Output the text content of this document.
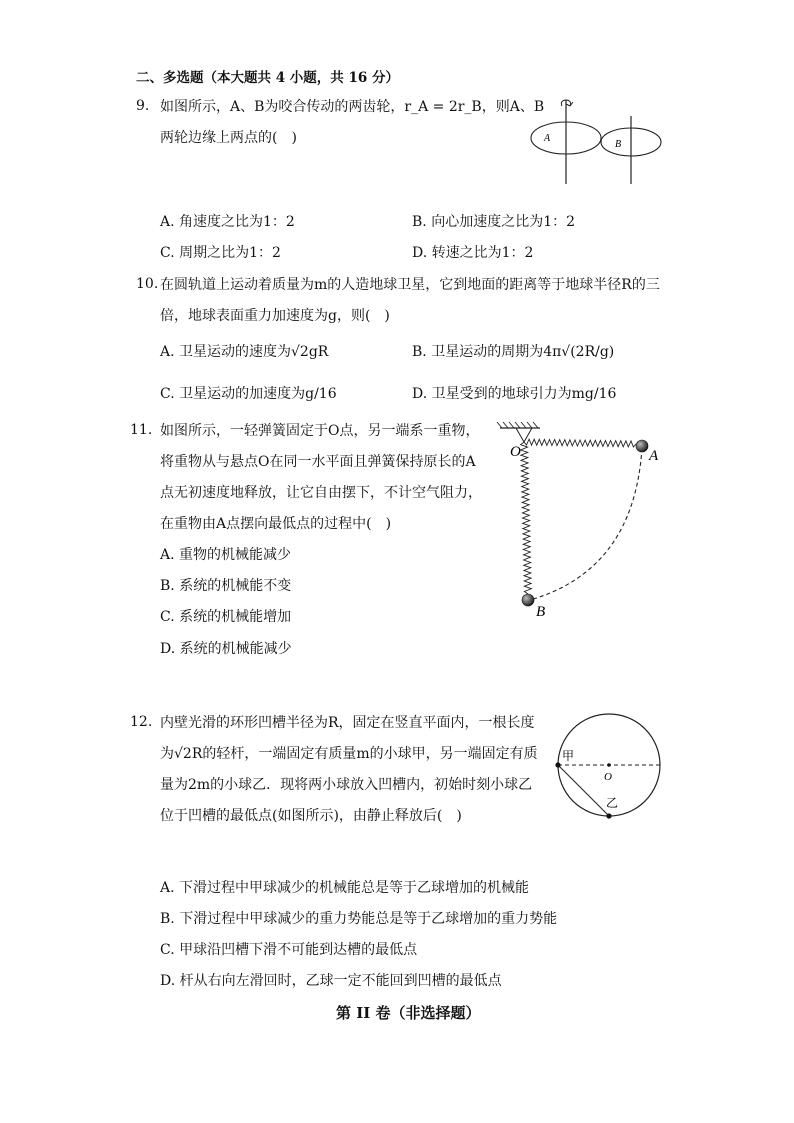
二、多选题（本大题共 4 小题，共 16 分）
9. 如图所示，A、B为咬合传动的两齿轮，r_A = 2r_B，则A、B
两轮边缘上两点的(　)	A
B
A. 角速度之比为1：2	B. 向心加速度之比为1：2
C. 周期之比为1：2	D. 转速之比为1：2
10. 在圆轨道上运动着质量为m的人造地球卫星，它到地面的距离等于地球半径R的三
倍，地球表面重力加速度为g，则(　)
A. 卫星运动的速度为√2gR	B. 卫星运动的周期为4π√(2R/g)
C. 卫星运动的加速度为g/16	D. 卫星受到的地球引力为mg/16
11. 如图所示，一轻弹簧固定于O点，另一端系一重物，
将重物从与悬点O在同一水平面且弹簧保持原长的A
点无初速度地释放，让它自由摆下，不计空气阻力，
在重物由A点摆向最低点的过程中(　)
A. 重物的机械能减少
B. 系统的机械能不变
C. 系统的机械能增加
D. 系统的机械能减少
O	A
B
12. 内壁光滑的环形凹槽半径为R，固定在竖直平面内，一根长度
为√2R的轻杆，一端固定有质量m的小球甲，另一端固定有质
量为2m的小球乙．现将两小球放入凹槽内，初始时刻小球乙
位于凹槽的最低点(如图所示)，由静止释放后(　)
甲
O
乙
A. 下滑过程中甲球减少的机械能总是等于乙球增加的机械能
B. 下滑过程中甲球减少的重力势能总是等于乙球增加的重力势能
C. 甲球沿凹槽下滑不可能到达槽的最低点
D. 杆从右向左滑回时，乙球一定不能回到凹槽的最低点
第 II 卷（非选择题）
